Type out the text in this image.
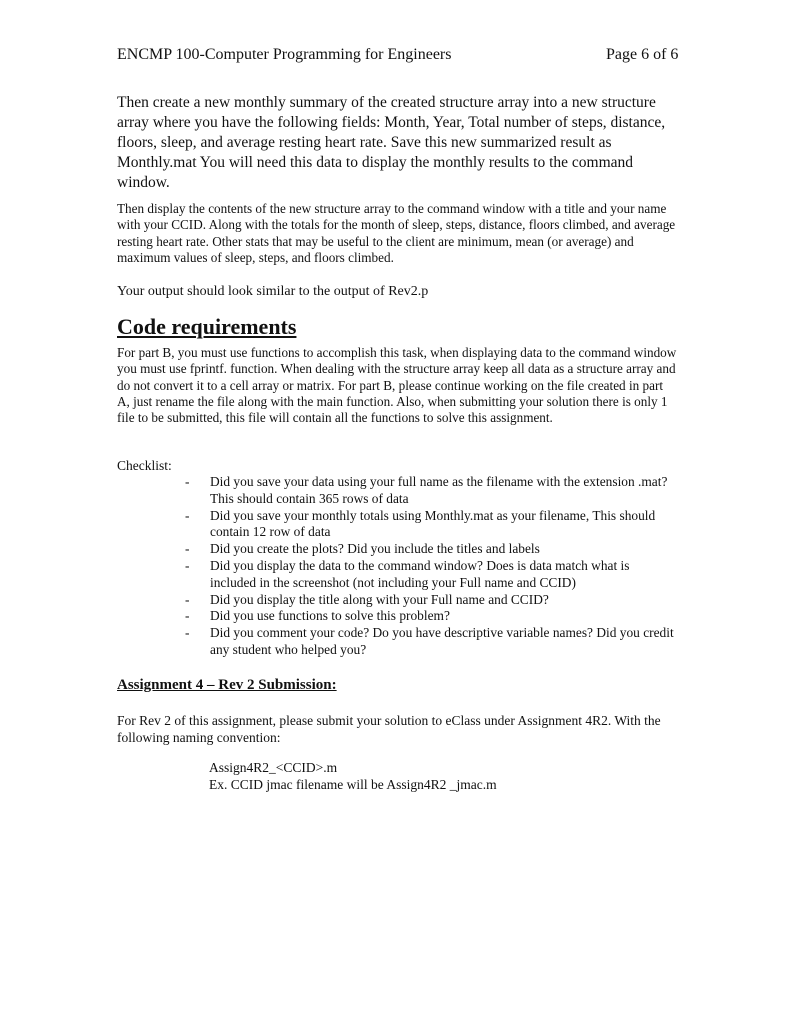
ENCMP 100-Computer Programming for Engineers	Page 6 of 6
Then create a new monthly summary of the created structure array into a new structure array where you have the following fields: Month, Year, Total number of steps, distance, floors, sleep, and average resting heart rate. Save this new summarized result as Monthly.mat You will need this data to display the monthly results to the command window.
Then display the contents of the new structure array to the command window with a title and your name with your CCID. Along with the totals for the month of sleep, steps, distance, floors climbed, and average resting heart rate. Other stats that may be useful to the client are minimum, mean (or average) and maximum values of sleep, steps, and floors climbed.
Your output should look similar to the output of Rev2.p
Code requirements
For part B, you must use functions to accomplish this task, when displaying data to the command window you must use fprintf. function. When dealing with the structure array keep all data as a structure array and do not convert it to a cell array or matrix. For part B, please continue working on the file created in part A, just rename the file along with the main function. Also, when submitting your solution there is only 1 file to be submitted, this file will contain all the functions to solve this assignment.
Checklist:
- Did you save your data using your full name as the filename with the extension .mat? This should contain 365 rows of data
- Did you save your monthly totals using Monthly.mat as your filename, This should contain 12 row of data
- Did you create the plots? Did you include the titles and labels
- Did you display the data to the command window? Does is data match what is included in the screenshot (not including your Full name and CCID)
- Did you display the title along with your Full name and CCID?
- Did you use functions to solve this problem?
- Did you comment your code? Do you have descriptive variable names? Did you credit any student who helped you?
Assignment 4 – Rev 2 Submission:
For Rev 2 of this assignment, please submit your solution to eClass under Assignment 4R2. With the following naming convention:
Assign4R2_<CCID>.m
Ex. CCID jmac filename will be Assign4R2 _jmac.m
